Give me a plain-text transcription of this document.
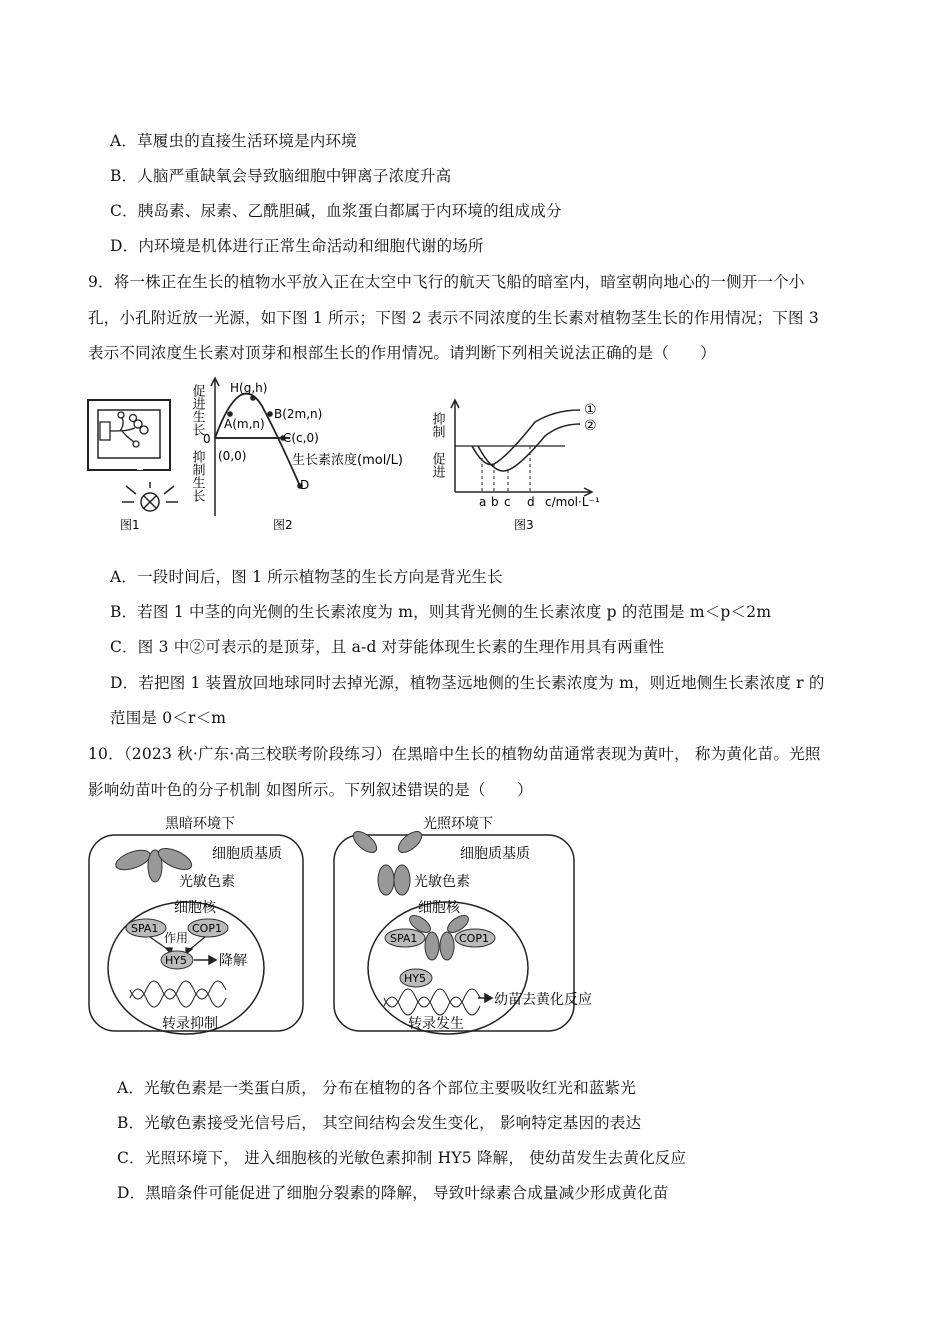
A．草履虫的直接生活环境是内环境
B．人脑严重缺氧会导致脑细胞中钾离子浓度升高
C．胰岛素、尿素、乙酰胆碱，血浆蛋白都属于内环境的组成成分
D．内环境是机体进行正常生命活动和细胞代谢的场所
9．将一株正在生长的植物水平放入正在太空中飞行的航天飞船的暗室内，暗室朝向地心的一侧开一个小
孔，小孔附近放一光源，如下图 1 所示；下图 2 表示不同浓度的生长素对植物茎生长的作用情况；下图 3
表示不同浓度生长素对顶芽和根部生长的作用情况。请判断下列相关说法正确的是（　　）
图1
促进生长
0
抑制生长
H(g,h)
A(m,n)
B(2m,n)
C(c,0)
D
(0,0)	生长素浓度(mol/L)
图2
抑制
促进
①
②
a b c d c/mol·L⁻¹
图3
A．一段时间后，图 1 所示植物茎的生长方向是背光生长
B．若图 1 中茎的向光侧的生长素浓度为 m，则其背光侧的生长素浓度 p 的范围是 m＜p＜2m
C．图 3 中②可表示的是顶芽，且 a-d 对芽能体现生长素的生理作用具有两重性
D．若把图 1 装置放回地球同时去掉光源，植物茎远地侧的生长素浓度为 m，则近地侧生长素浓度 r 的
范围是 0＜r＜m
10．（2023 秋·广东·高三校联考阶段练习）在黑暗中生长的植物幼苗通常表现为黄叶， 称为黄化苗。光照
影响幼苗叶色的分子机制 如图所示。下列叙述错误的是（　　）
黑暗环境下
细胞质基质
光敏色素
细胞核
SPA1	COP1
作用
HY5 降解
转录抑制
光照环境下
细胞质基质
光敏色素
细胞核
SPA1	COP1
HY5
幼苗去黄化反应
转录发生
A．光敏色素是一类蛋白质， 分布在植物的各个部位主要吸收红光和蓝紫光
B．光敏色素接受光信号后， 其空间结构会发生变化， 影响特定基因的表达
C．光照环境下， 进入细胞核的光敏色素抑制 HY5 降解， 使幼苗发生去黄化反应
D．黑暗条件可能促进了细胞分裂素的降解， 导致叶绿素合成量减少形成黄化苗
